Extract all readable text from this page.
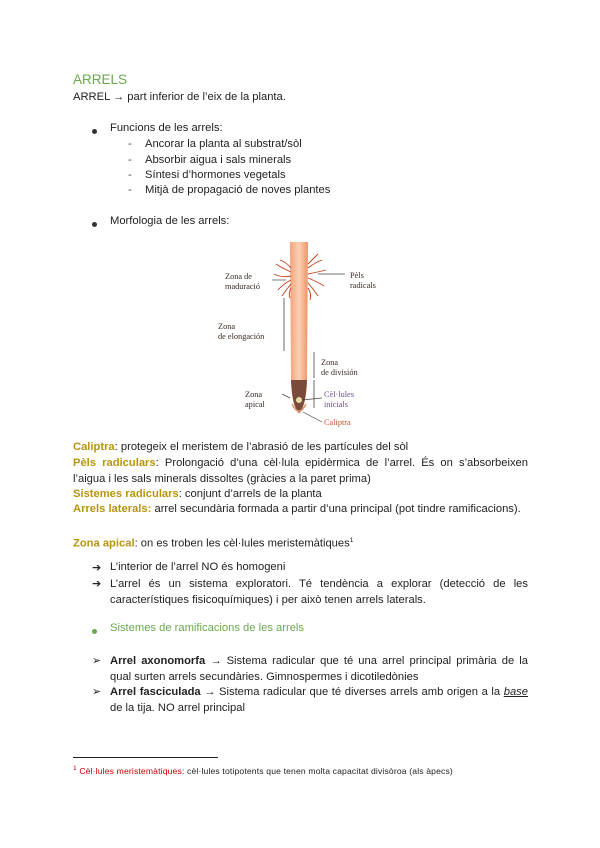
ARRELS
ARREL → part inferior de l’eix de la planta.
Funcions de les arrels:
- Ancorar la planta al substrat/sòl
- Absorbir aigua i sals minerals
- Síntesi d’hormones vegetals
- Mitjà de propagació de noves plantes
Morfologia de les arrels:
Zona de
maduració
Pèls
radicals
Zona
de elongación
Zona
de división
Zona
apical
Cèl·lules
inicials
Caliptra
Caliptra: protegeix el meristem de l’abrasió de les partícules del sòl
Pèls radiculars: Prolongació d’una cèl·lula epidèrmica de l’arrel. És on s’absorbeixen l’aigua i les sals minerals dissoltes (gràcies a la paret prima)
Sistemes radiculars: conjunt d’arrels de la planta
Arrels laterals: arrel secundària formada a partir d’una principal (pot tindre ramificacions).
Zona apical: on es troben les cèl·lules meristemàtiques$^1$
➔ L’interior de l’arrel NO és homogeni
➔ L’arrel és un sistema exploratori. Té tendència a explorar (detecció de les característiques fisicoquímiques) i per això tenen arrels laterals.
Sistemes de ramificacions de les arrels
➢ Arrel axonomorfa → Sistema radicular que té una arrel principal primària de la qual surten arrels secundàries. Gimnospermes i dicotiledònies
➢ Arrel fasciculada → Sistema radicular que té diverses arrels amb origen a la base de la tija. NO arrel principal
$^1$ Cèl·lules meristemàtiques: cèl·lules totipotents que tenen molta capacitat divisòroa (als àpecs)
